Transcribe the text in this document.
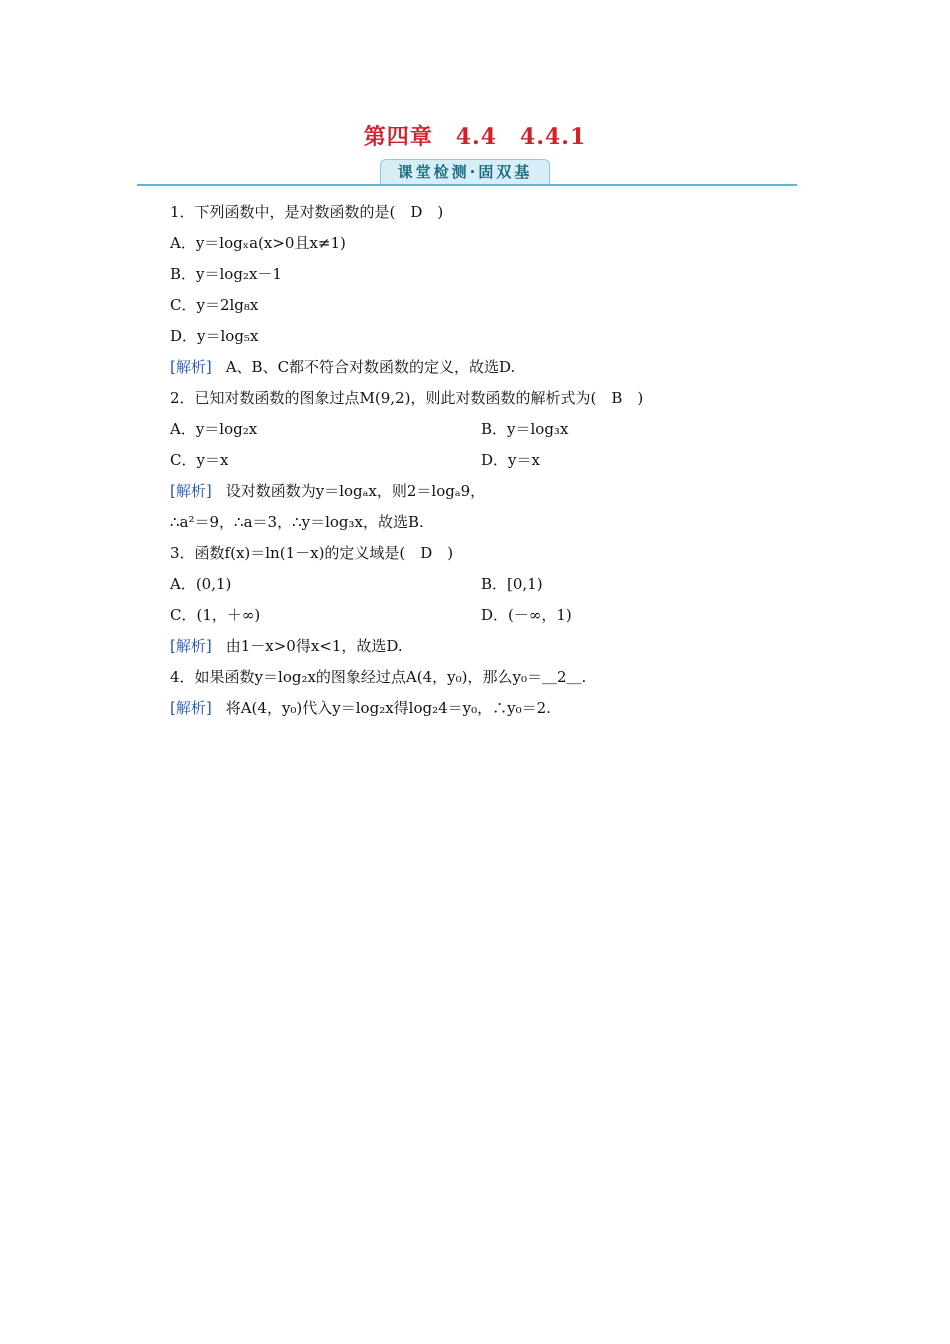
第四章　4.4　4.4.1
课堂检测·固双基
1．下列函数中，是对数函数的是(　D　)
A．y＝logₓa(x>0且x≠1)
B．y＝log₂x－1
C．y＝2lg₈x
D．y＝log₅x
[解析] A、B、C都不符合对数函数的定义，故选D.
2．已知对数函数的图象过点M(9,2)，则此对数函数的解析式为(　B　)
A．y＝log₂x	B．y＝log₃x
C．y＝x	D．y＝x
[解析] 设对数函数为y＝logₐx，则2＝logₐ9，
∴a²＝9，∴a＝3，∴y＝log₃x，故选B.
3．函数f(x)＝ln(1－x)的定义域是(　D　)
A．(0,1)	B．[0,1)
C．(1，＋∞)	D．(－∞，1)
[解析] 由1－x>0得x<1，故选D.
4．如果函数y＝log₂x的图象经过点A(4，y₀)，那么y₀＝＿2＿.
[解析] 将A(4，y₀)代入y＝log₂x得log₂4＝y₀，∴y₀＝2.
